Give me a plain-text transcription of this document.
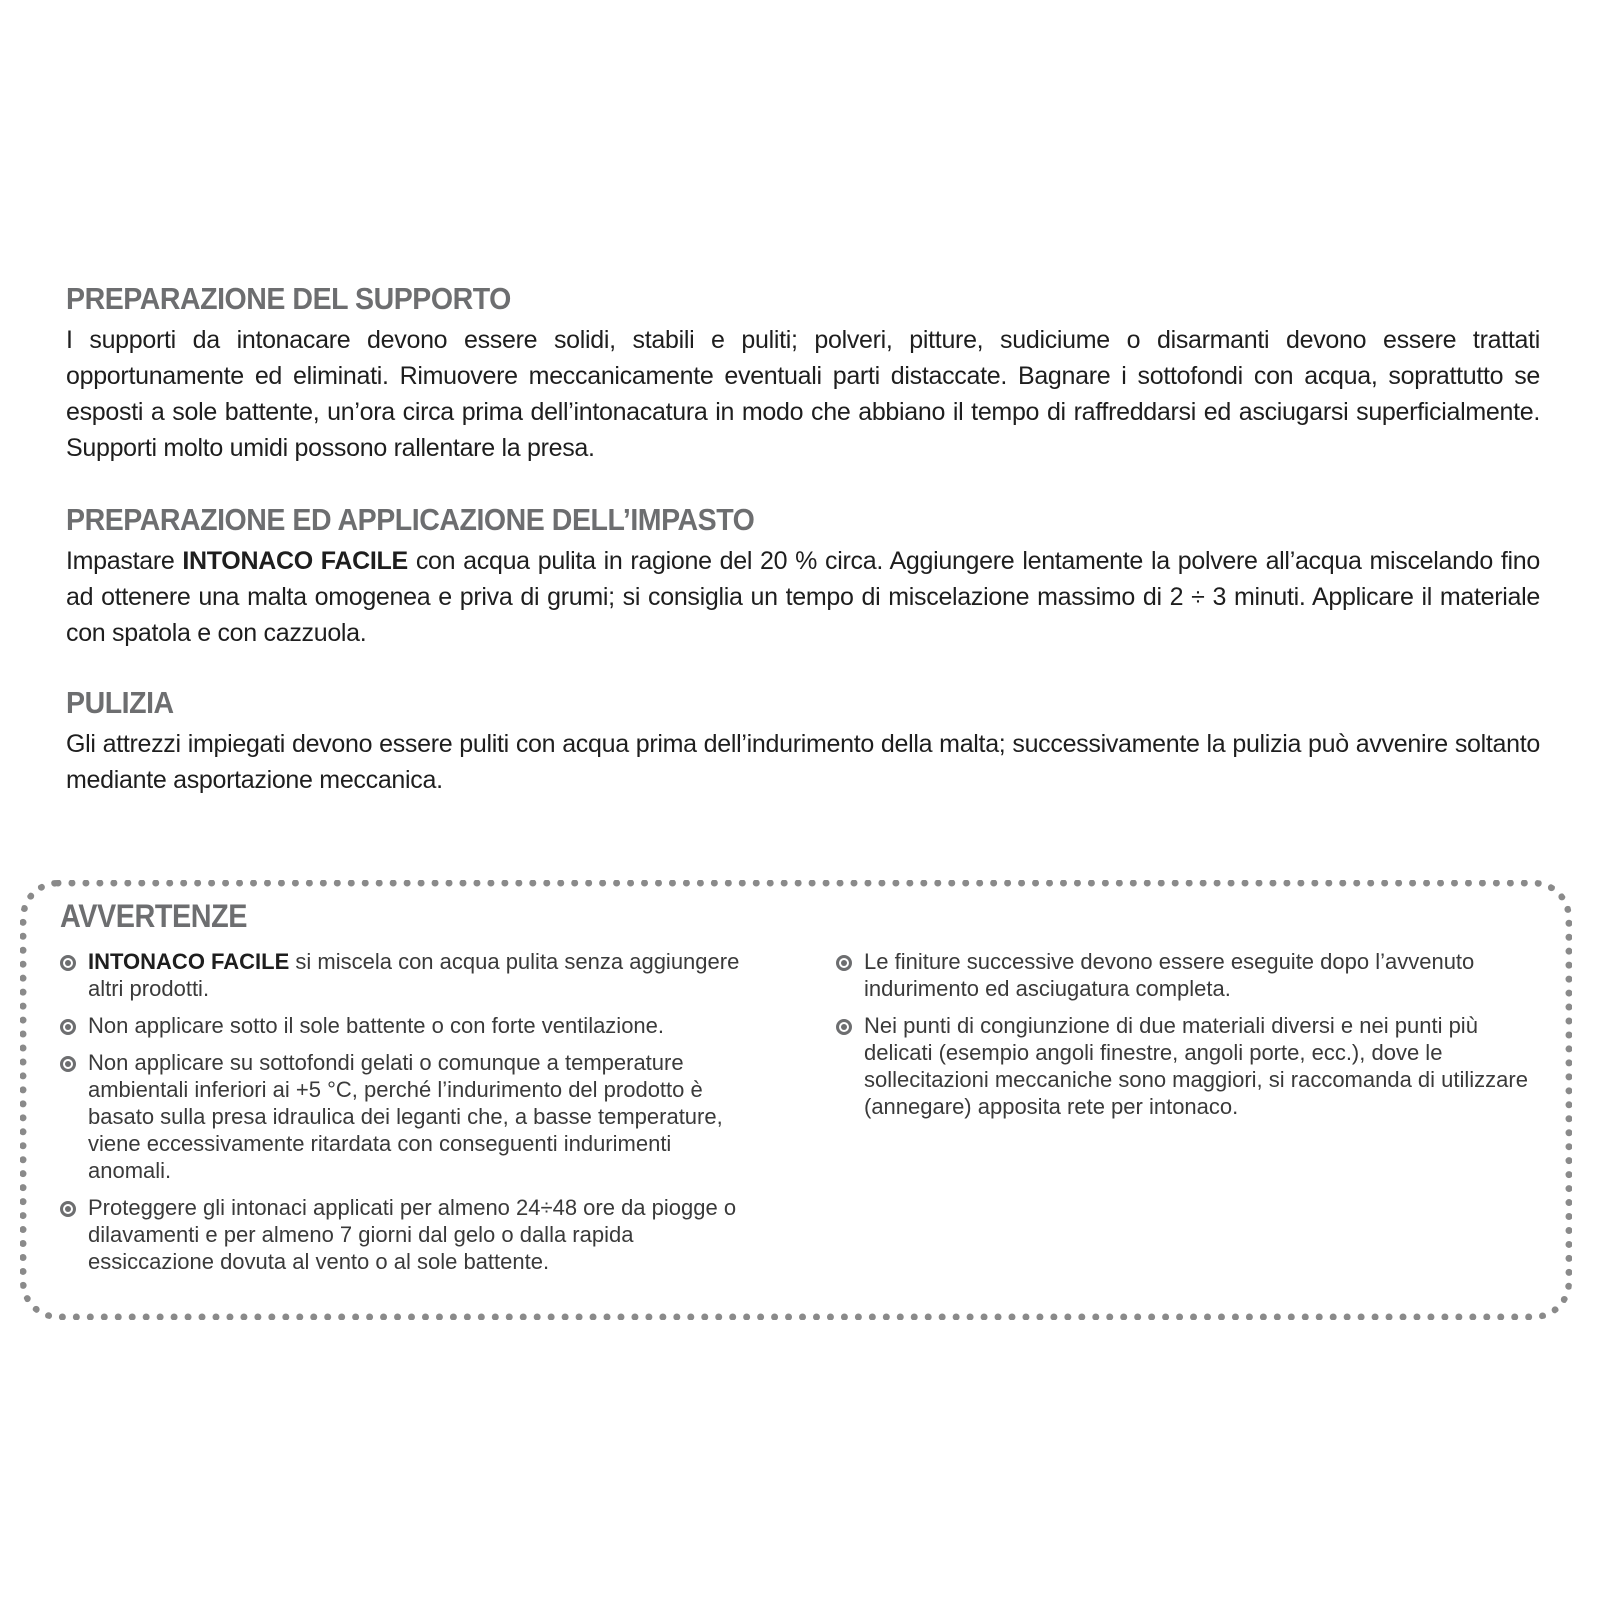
PREPARAZIONE DEL SUPPORTO

I supporti da intonacare devono essere solidi, stabili e puliti; polveri, pitture, sudiciume o disarmanti devono essere trattati opportunamente ed eliminati. Rimuovere meccanicamente eventuali parti distaccate. Bagnare i sottofondi con acqua, soprattutto se esposti a sole battente, un’ora circa prima dell’intonacatura in modo che abbiano il tempo di raffreddarsi ed asciugarsi superficialmente. Supporti molto umidi possono rallentare la presa.

PREPARAZIONE ED APPLICAZIONE DELL’IMPASTO

Impastare INTONACO FACILE con acqua pulita in ragione del 20 % circa. Aggiungere lentamente la polvere all’acqua miscelando fino ad ottenere una malta omogenea e priva di grumi; si consiglia un tempo di miscelazione massimo di 2 ÷ 3 minuti. Applicare il materiale con spatola e con cazzuola.

PULIZIA

Gli attrezzi impiegati devono essere puliti con acqua prima dell’indurimento della malta; successivamente la pulizia può avvenire soltanto mediante asportazione meccanica.

AVVERTENZE
INTONACO FACILE si miscela con acqua pulita senza aggiungere altri prodotti.
Non applicare sotto il sole battente o con forte ventilazione.
Non applicare su sottofondi gelati o comunque a temperature ambientali inferiori ai +5 °C, perché l’indurimento del prodotto è basato sulla presa idraulica dei leganti che, a basse temperature, viene eccessivamente ritardata con conseguenti indurimenti anomali.
Proteggere gli intonaci applicati per almeno 24÷48 ore da piogge o dilavamenti e per almeno 7 giorni dal gelo o dalla rapida essiccazione dovuta al vento o al sole battente.
Le finiture successive devono essere eseguite dopo l’avvenuto indurimento ed asciugatura completa.
Nei punti di congiunzione di due materiali diversi e nei punti più delicati (esempio angoli finestre, angoli porte, ecc.), dove le sollecitazioni meccaniche sono maggiori, si raccomanda di utilizzare (annegare) apposita rete per intonaco.
